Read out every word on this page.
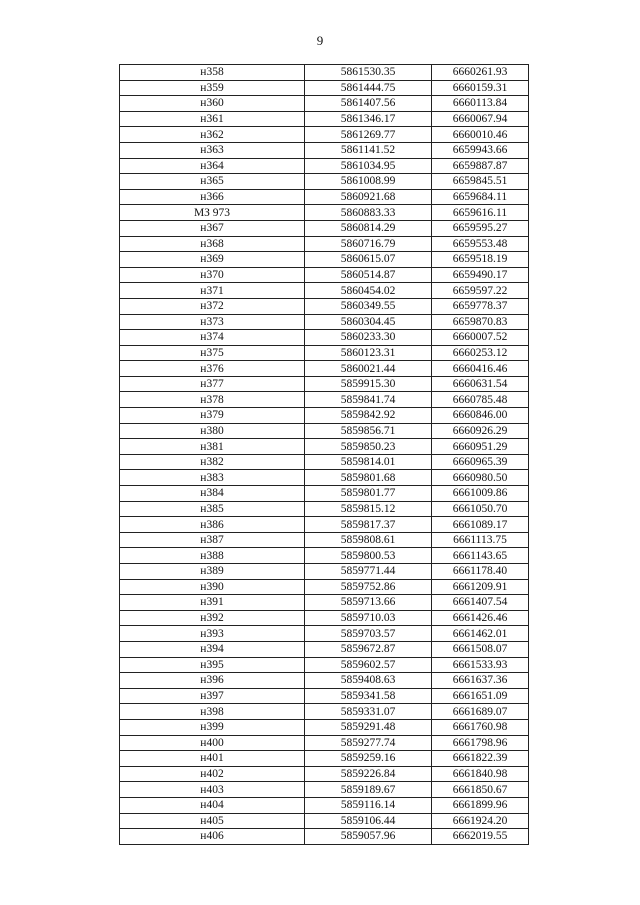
9
н358	5861530.35	6660261.93
н359	5861444.75	6660159.31
н360	5861407.56	6660113.84
н361	5861346.17	6660067.94
н362	5861269.77	6660010.46
н363	5861141.52	6659943.66
н364	5861034.95	6659887.87
н365	5861008.99	6659845.51
н366	5860921.68	6659684.11
МЗ 973	5860883.33	6659616.11
н367	5860814.29	6659595.27
н368	5860716.79	6659553.48
н369	5860615.07	6659518.19
н370	5860514.87	6659490.17
н371	5860454.02	6659597.22
н372	5860349.55	6659778.37
н373	5860304.45	6659870.83
н374	5860233.30	6660007.52
н375	5860123.31	6660253.12
н376	5860021.44	6660416.46
н377	5859915.30	6660631.54
н378	5859841.74	6660785.48
н379	5859842.92	6660846.00
н380	5859856.71	6660926.29
н381	5859850.23	6660951.29
н382	5859814.01	6660965.39
н383	5859801.68	6660980.50
н384	5859801.77	6661009.86
н385	5859815.12	6661050.70
н386	5859817.37	6661089.17
н387	5859808.61	6661113.75
н388	5859800.53	6661143.65
н389	5859771.44	6661178.40
н390	5859752.86	6661209.91
н391	5859713.66	6661407.54
н392	5859710.03	6661426.46
н393	5859703.57	6661462.01
н394	5859672.87	6661508.07
н395	5859602.57	6661533.93
н396	5859408.63	6661637.36
н397	5859341.58	6661651.09
н398	5859331.07	6661689.07
н399	5859291.48	6661760.98
н400	5859277.74	6661798.96
н401	5859259.16	6661822.39
н402	5859226.84	6661840.98
н403	5859189.67	6661850.67
н404	5859116.14	6661899.96
н405	5859106.44	6661924.20
н406	5859057.96	6662019.55
